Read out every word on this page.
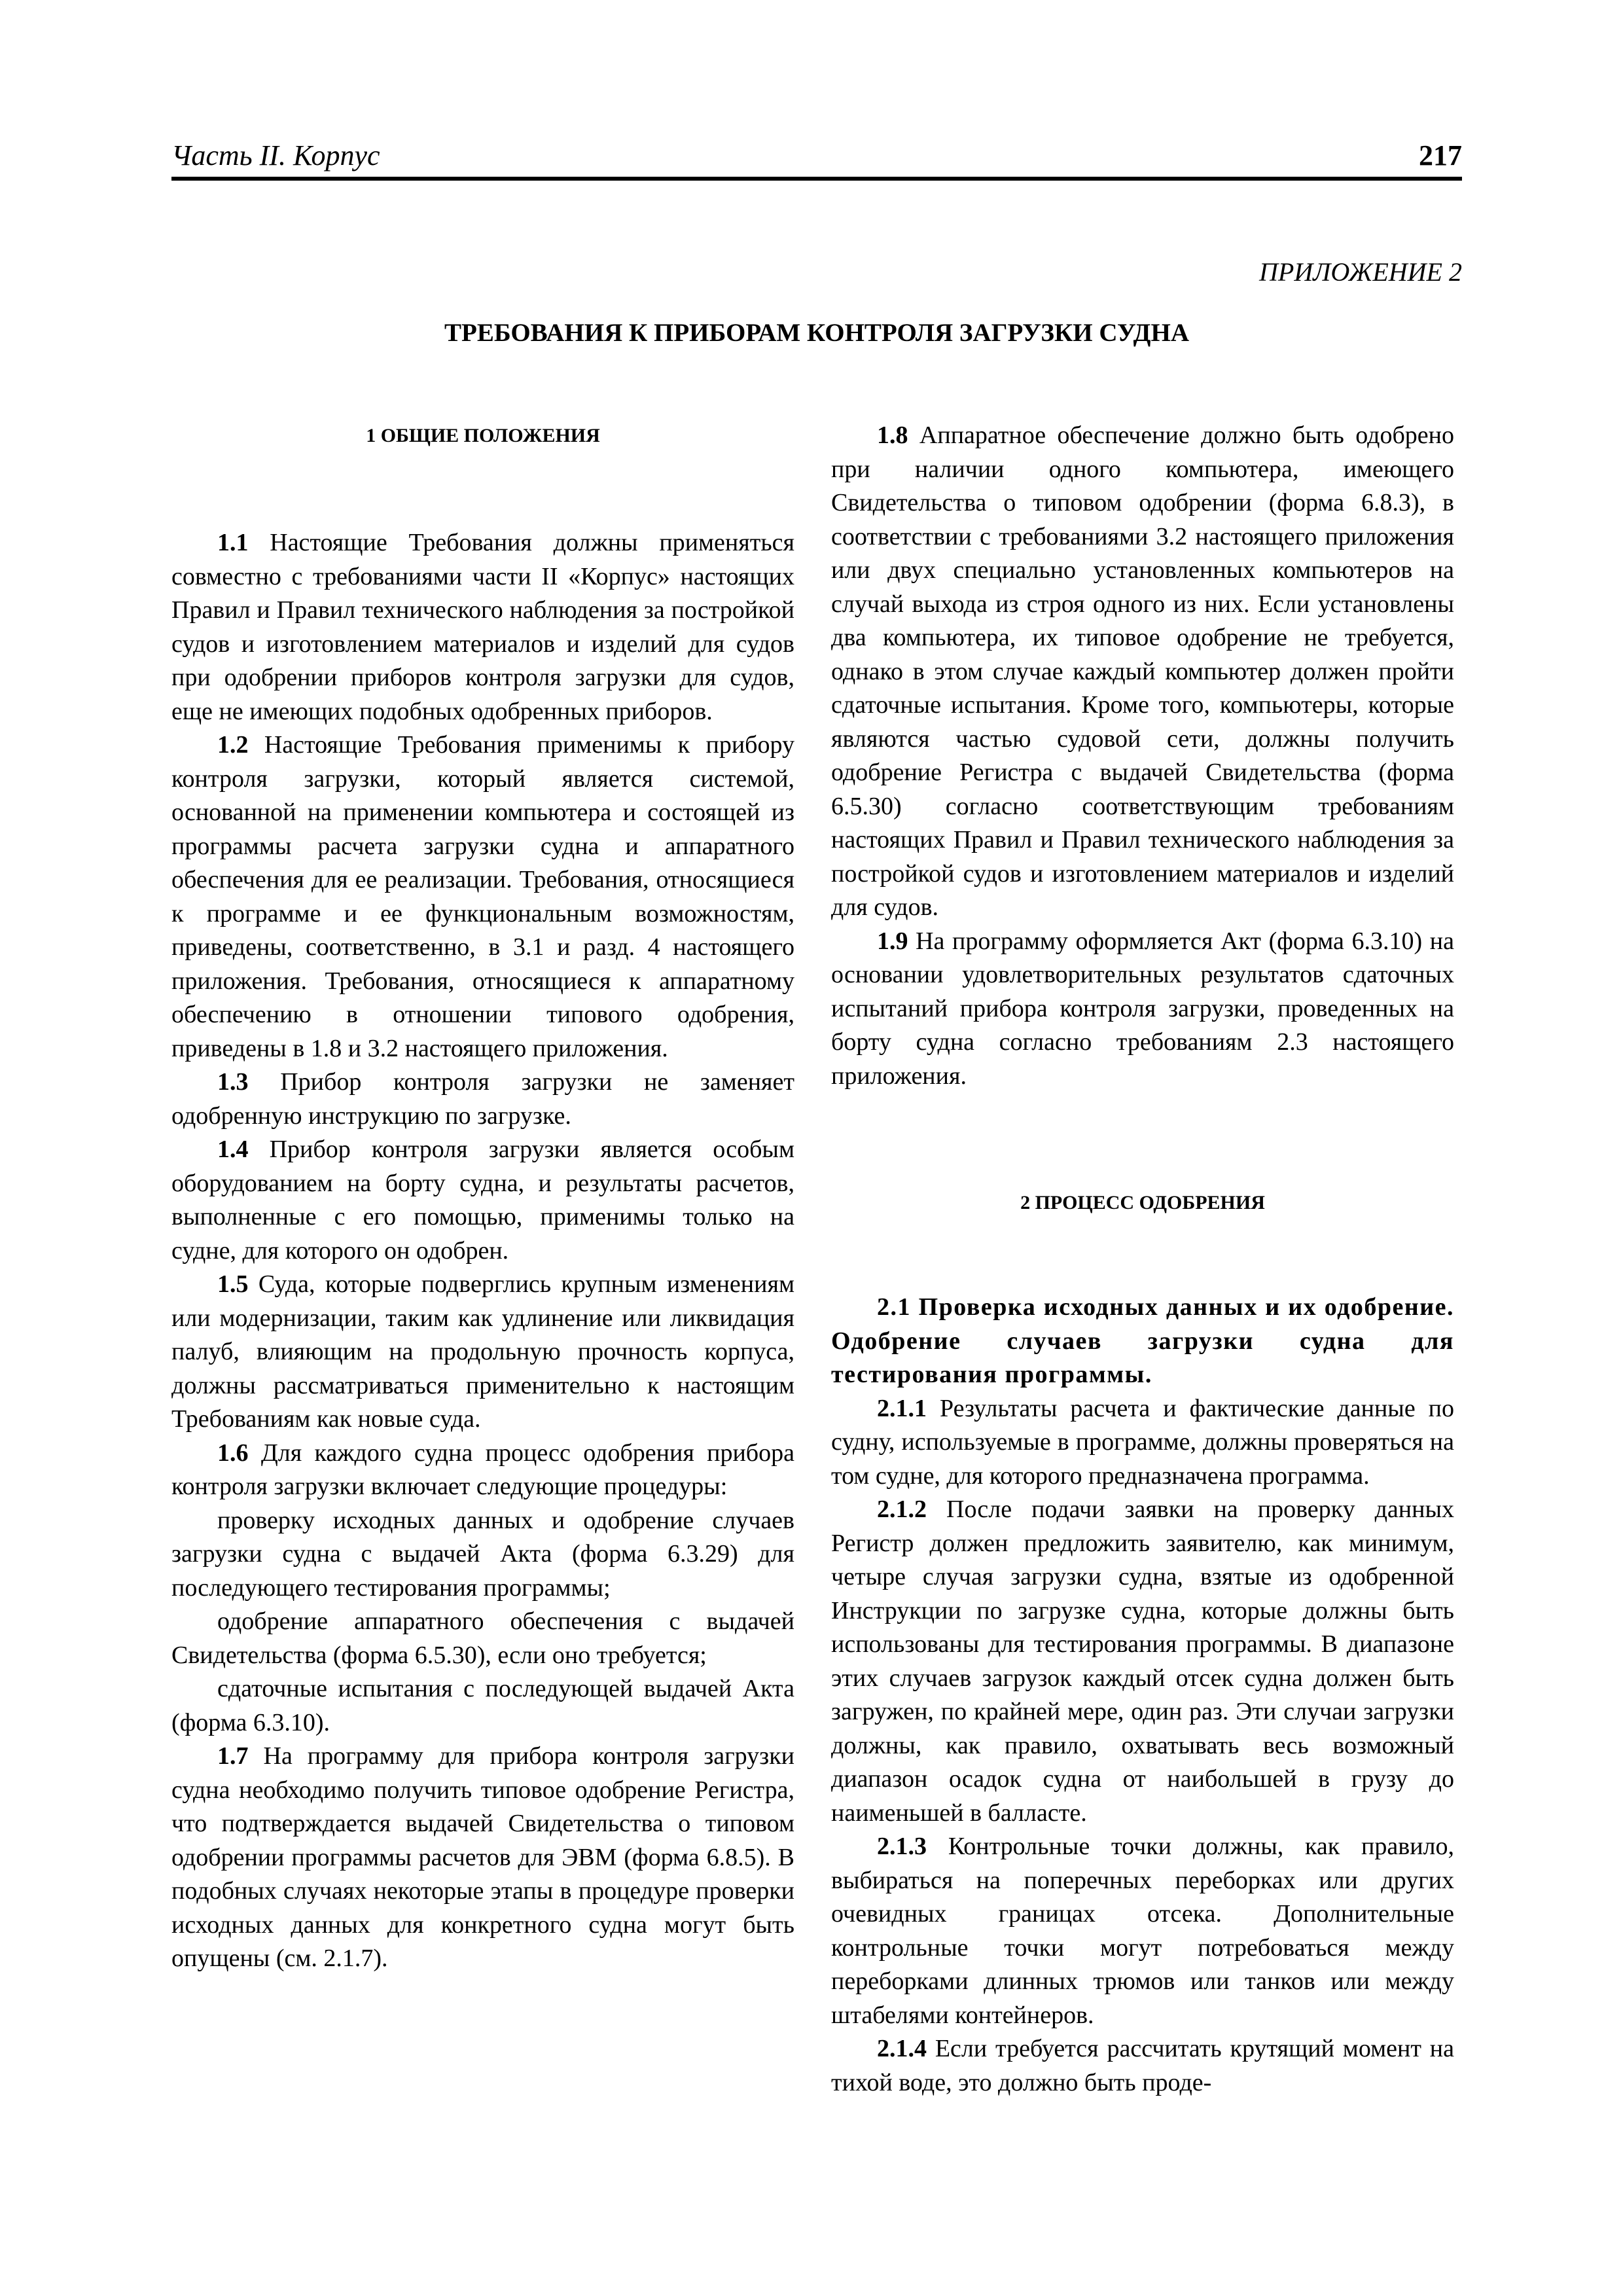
Часть II. Корпус	217
ПРИЛОЖЕНИЕ 2
ТРЕБОВАНИЯ К ПРИБОРАМ КОНТРОЛЯ ЗАГРУЗКИ СУДНА
1 ОБЩИЕ ПОЛОЖЕНИЯ

1.1 Настоящие Требования должны применяться совместно с требованиями части II «Корпус» настоящих Правил и Правил технического наблюдения за постройкой судов и изготовлением материалов и изделий для судов при одобрении приборов контроля загрузки для судов, еще не имеющих подобных одобренных приборов.

1.2 Настоящие Требования применимы к прибору контроля загрузки, который является системой, основанной на применении компьютера и состоящей из программы расчета загрузки судна и аппаратного обеспечения для ее реализации. Требования, относящиеся к программе и ее функциональным возможностям, приведены, соответственно, в 3.1 и разд. 4 настоящего приложения. Требования, относящиеся к аппаратному обеспечению в отношении типового одобрения, приведены в 1.8 и 3.2 настоящего приложения.

1.3 Прибор контроля загрузки не заменяет одобренную инструкцию по загрузке.

1.4 Прибор контроля загрузки является особым оборудованием на борту судна, и результаты расчетов, выполненные с его помощью, применимы только на судне, для которого он одобрен.

1.5 Суда, которые подверглись крупным изменениям или модернизации, таким как удлинение или ликвидация палуб, влияющим на продольную прочность корпуса, должны рассматриваться применительно к настоящим Требованиям как новые суда.

1.6 Для каждого судна процесс одобрения прибора контроля загрузки включает следующие процедуры:

проверку исходных данных и одобрение случаев загрузки судна с выдачей Акта (форма 6.3.29) для последующего тестирования программы;

одобрение аппаратного обеспечения с выдачей Свидетельства (форма 6.5.30), если оно требуется;

сдаточные испытания с последующей выдачей Акта (форма 6.3.10).

1.7 На программу для прибора контроля загрузки судна необходимо получить типовое одобрение Регистра, что подтверждается выдачей Свидетельства о типовом одобрении программы расчетов для ЭВМ (форма 6.8.5). В подобных случаях некоторые этапы в процедуре проверки исходных данных для конкретного судна могут быть опущены (см. 2.1.7).

1.8 Аппаратное обеспечение должно быть одобрено при наличии одного компьютера, имеющего Свидетельства о типовом одобрении (форма 6.8.3), в соответствии с требованиями 3.2 настоящего приложения или двух специально установленных компьютеров на случай выхода из строя одного из них. Если установлены два компьютера, их типовое одобрение не требуется, однако в этом случае каждый компьютер должен пройти сдаточные испытания. Кроме того, компьютеры, которые являются частью судовой сети, должны получить одобрение Регистра с выдачей Свидетельства (форма 6.5.30) согласно соответствующим требованиям настоящих Правил и Правил технического наблюдения за постройкой судов и изготовлением материалов и изделий для судов.

1.9 На программу оформляется Акт (форма 6.3.10) на основании удовлетворительных результатов сдаточных испытаний прибора контроля загрузки, проведенных на борту судна согласно требованиям 2.3 настоящего приложения.

2 ПРОЦЕСС ОДОБРЕНИЯ

2.1 Проверка исходных данных и их одобрение. Одобрение случаев загрузки судна для тестирования программы.

2.1.1 Результаты расчета и фактические данные по судну, используемые в программе, должны проверяться на том судне, для которого предназначена программа.

2.1.2 После подачи заявки на проверку данных Регистр должен предложить заявителю, как минимум, четыре случая загрузки судна, взятые из одобренной Инструкции по загрузке судна, которые должны быть использованы для тестирования программы. В диапазоне этих случаев загрузок каждый отсек судна должен быть загружен, по крайней мере, один раз. Эти случаи загрузки должны, как правило, охватывать весь возможный диапазон осадок судна от наибольшей в грузу до наименьшей в балласте.

2.1.3 Контрольные точки должны, как правило, выбираться на поперечных переборках или других очевидных границах отсека. Дополнительные контрольные точки могут потребоваться между переборками длинных трюмов или танков или между штабелями контейнеров.

2.1.4 Если требуется рассчитать крутящий момент на тихой воде, это должно быть проде-
